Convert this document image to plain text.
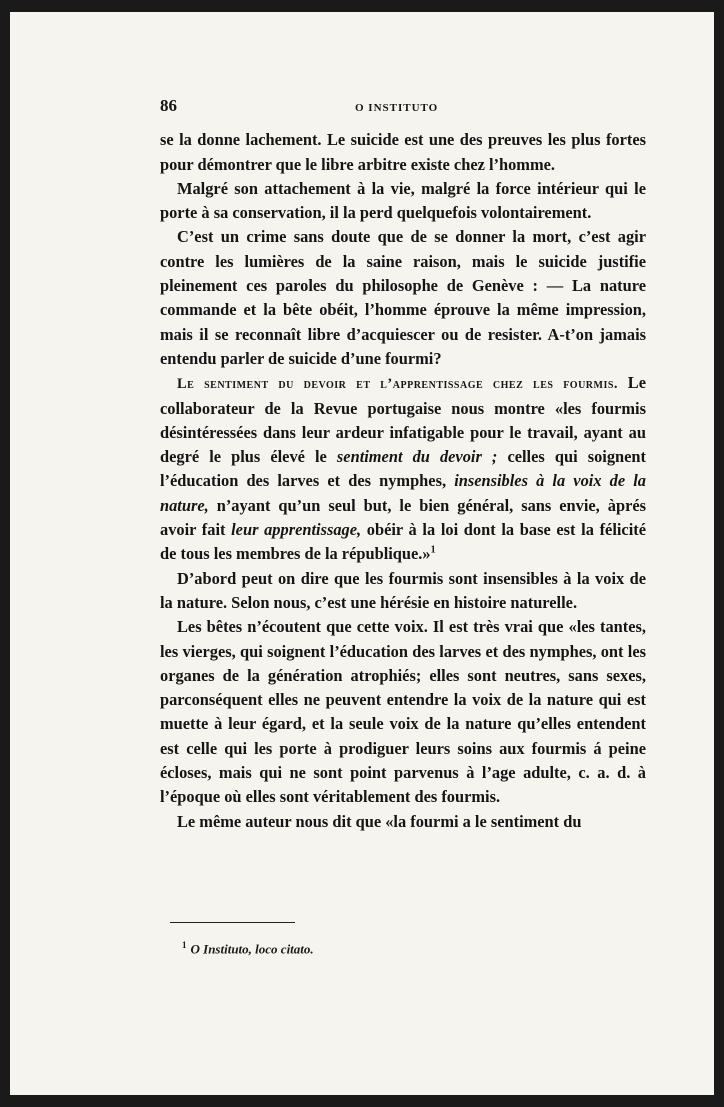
86	O INSTITUTO

se la donne lachement. Le suicide est une des preuves les plus fortes pour démontrer que le libre arbitre existe chez l’homme.

Malgré son attachement à la vie, malgré la force intérieur qui le porte à sa conservation, il la perd quelquefois volontairement.

C’est un crime sans doute que de se donner la mort, c’est agir contre les lumières de la saine raison, mais le suicide justifie pleinement ces paroles du philosophe de Genève : — La nature commande et la bête obéit, l’homme éprouve la même impression, mais il se reconnaît libre d’acquiescer ou de resister. A-t’on jamais entendu parler de suicide d’une fourmi?

Le sentiment du devoir et l’apprentissage chez les fourmis. Le collaborateur de la Revue portugaise nous montre «les fourmis désintéressées dans leur ardeur infatigable pour le travail, ayant au degré le plus élevé le sentiment du devoir ; celles qui soignent l’éducation des larves et des nymphes, insensibles à la voix de la nature, n’ayant qu’un seul but, le bien général, sans envie, àprés avoir fait leur apprentissage, obéir à la loi dont la base est la félicité de tous les membres de la république.»$^1$

D’abord peut on dire que les fourmis sont insensibles à la voix de la nature. Selon nous, c’est une hérésie en histoire naturelle.

Les bêtes n’écoutent que cette voix. Il est très vrai que «les tantes, les vierges, qui soignent l’éducation des larves et des nymphes, ont les organes de la génération atrophiés; elles sont neutres, sans sexes, parconséquent elles ne peuvent entendre la voix de la nature qui est muette à leur égard, et la seule voix de la nature qu’elles entendent est celle qui les porte à prodiguer leurs soins aux fourmis á peine écloses, mais qui ne sont point parvenus à l’age adulte, c. a. d. à l’époque où elles sont véritablement des fourmis.

Le même auteur nous dit que «la fourmi a le sentiment du

$^1$ O Instituto, loco citato.
